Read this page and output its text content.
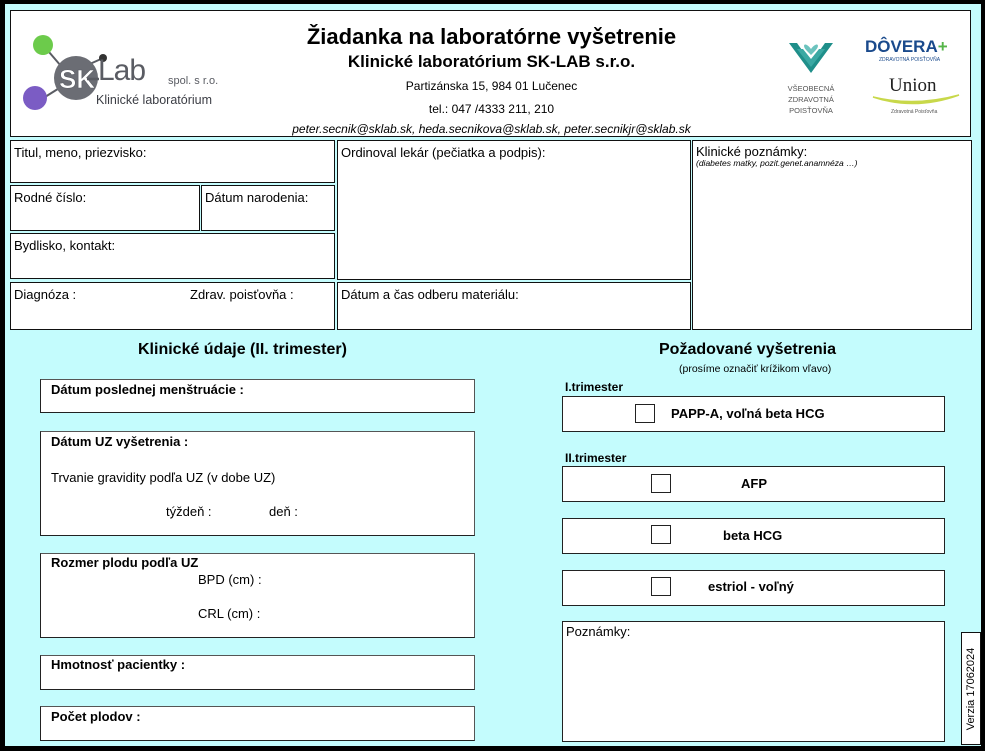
SK Lab spol. s r.o.
Klinické laboratórium
Žiadanka na laboratórne vyšetrenie
Klinické laboratórium SK-LAB s.r.o.
Partizánska 15, 984 01 Lučenec
tel.: 047 /4333 211, 210
peter.secnik@sklab.sk, heda.secnikova@sklab.sk, peter.secnikjr@sklab.sk
VŠEOBECNÁ
ZDRAVOTNÁ
POISŤOVŇA
DÔVERA+
ZDRAVOTNÁ POISŤOVŇA
Union
Zdravotná Poisťovňa
Titul, meno, priezvisko:
Rodné číslo:	Dátum narodenia:
Bydlisko, kontakt:
Diagnóza :	Zdrav. poisťovňa :
Ordinoval lekár (pečiatka a podpis):
Dátum a čas odberu materiálu:
Klinické poznámky:
(diabetes matky, pozit.genet.anamnéza …)
Klinické údaje (II. trimester)
Dátum poslednej menštruácie :
Dátum UZ vyšetrenia :
Trvanie gravidity podľa UZ (v dobe UZ)
týždeň :	deň :
Rozmer plodu podľa UZ
BPD (cm) :
CRL (cm) :
Hmotnosť pacientky :
Počet plodov :
Požadované vyšetrenia
(prosíme označiť krížikom vľavo)
I.trimester
PAPP-A, voľná beta HCG
II.trimester
AFP
beta HCG
estriol - voľný
Poznámky:
Verzia 17062024
